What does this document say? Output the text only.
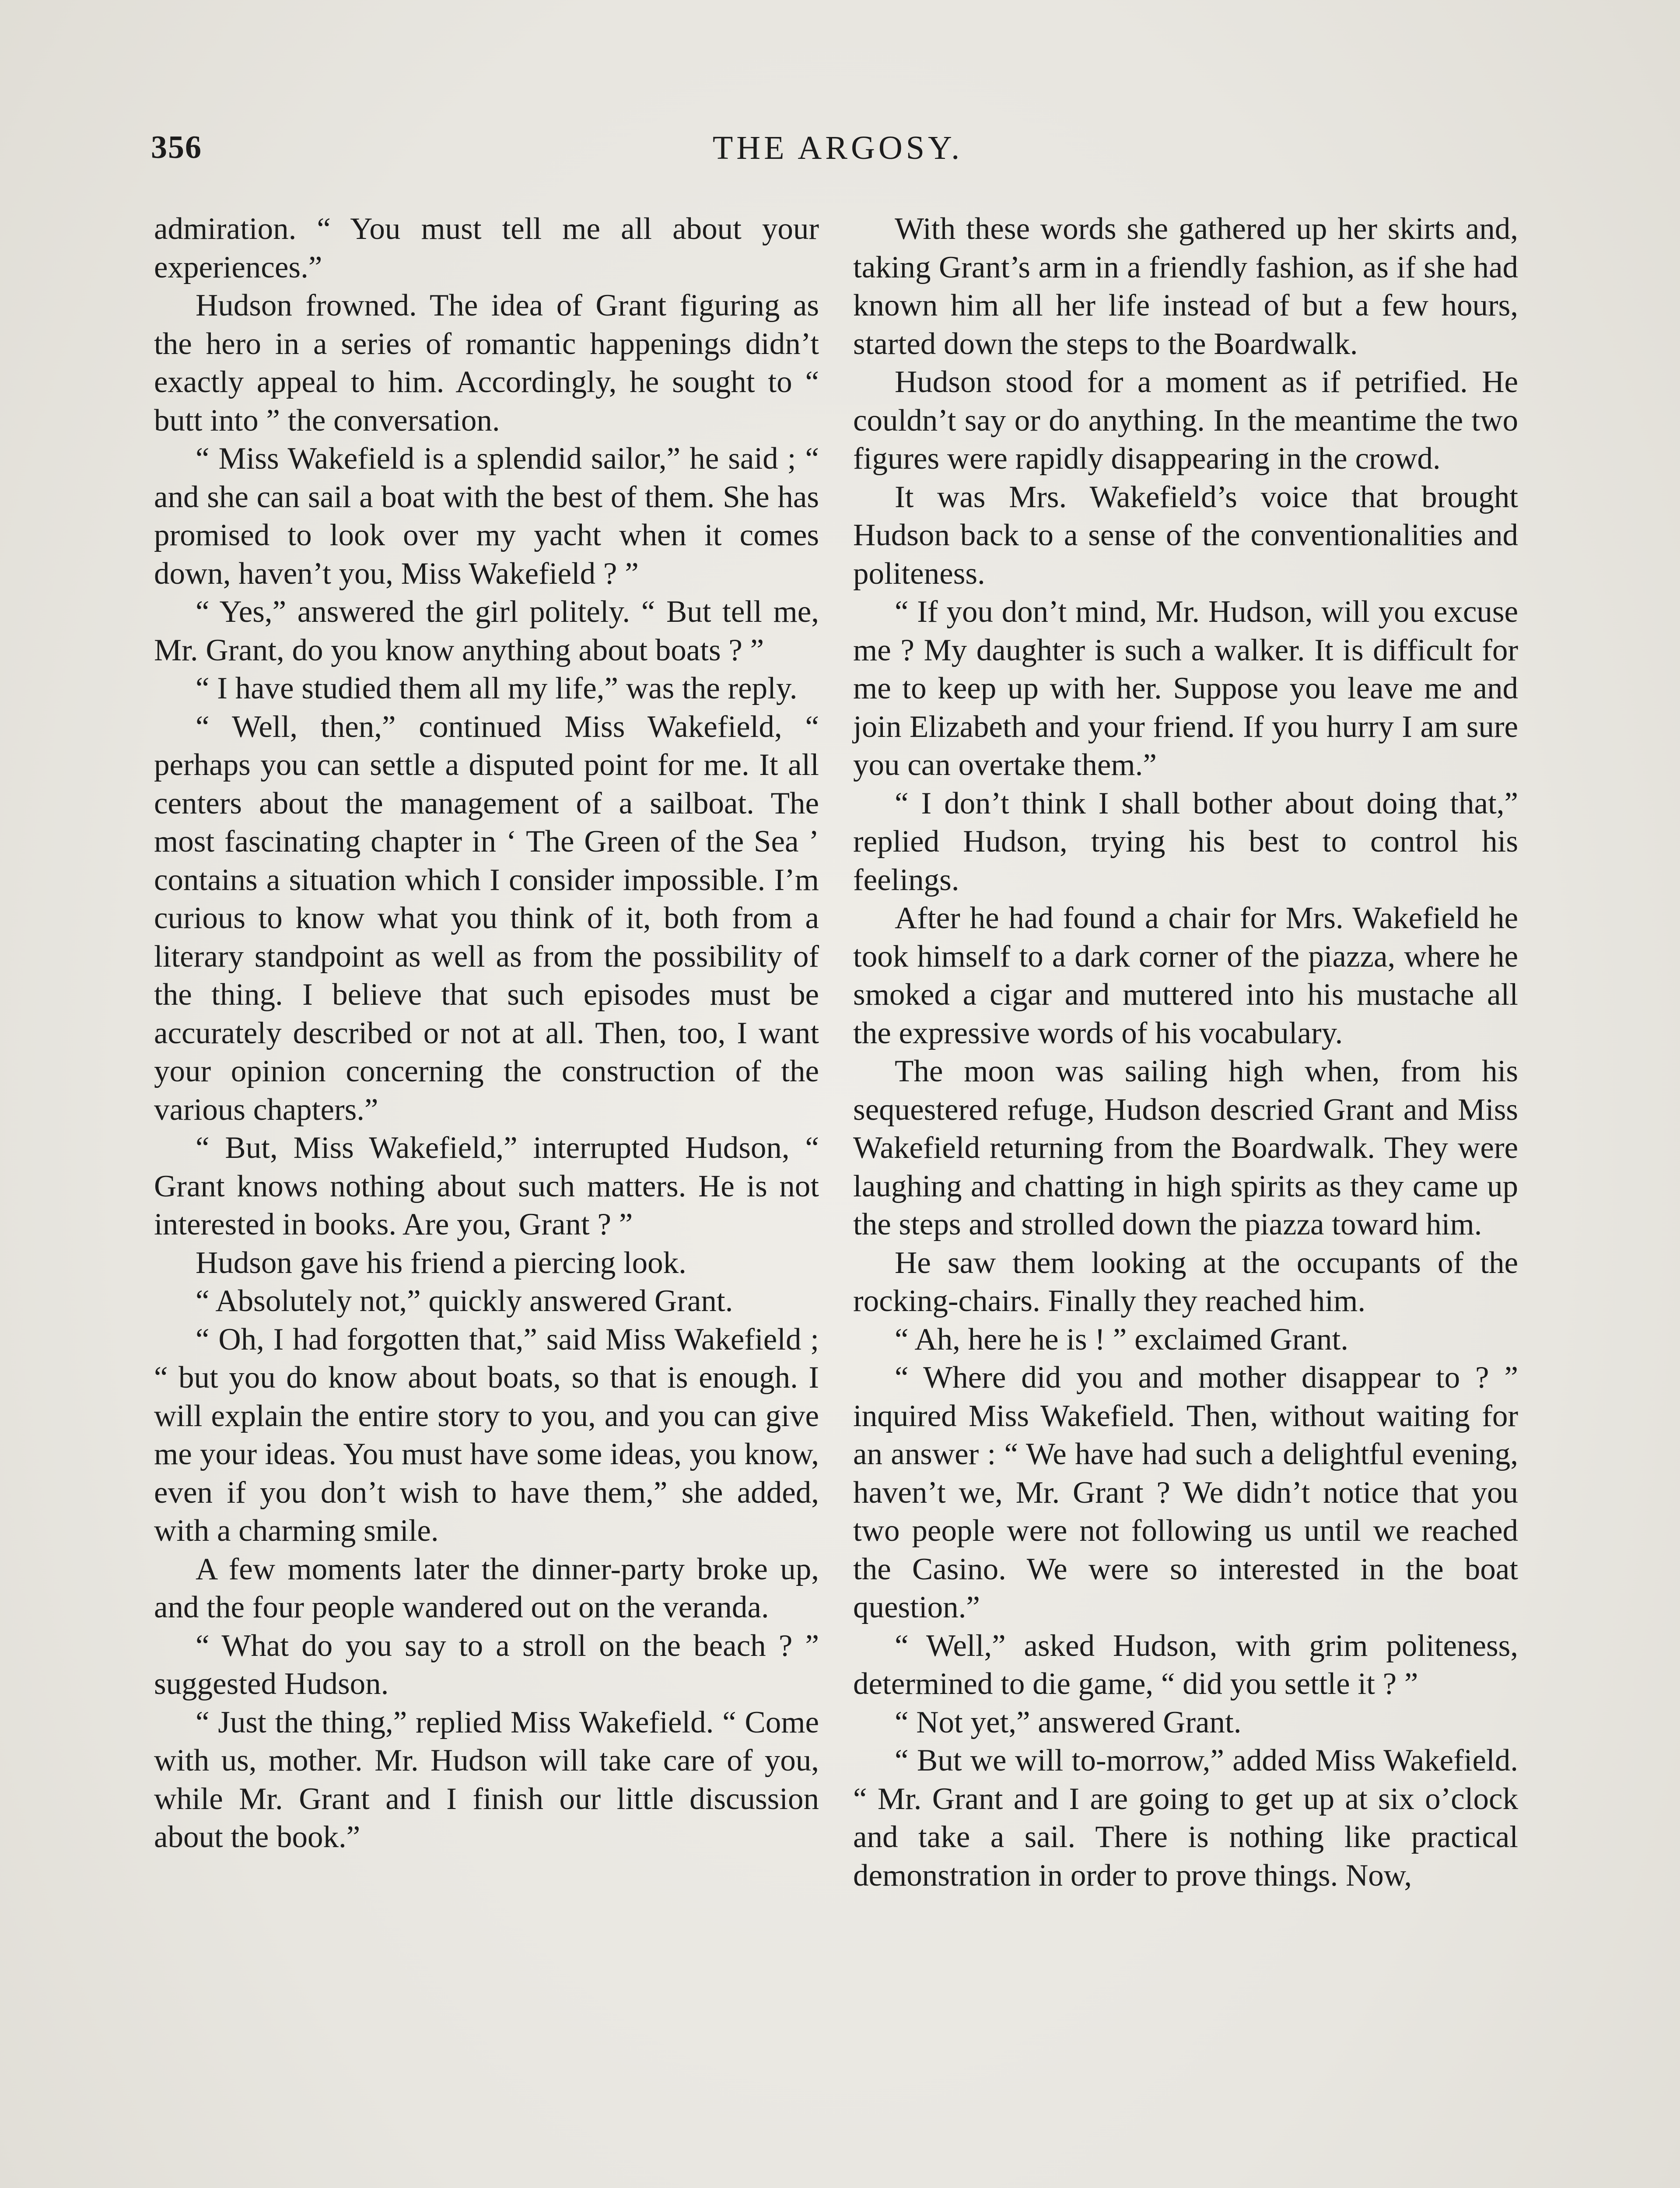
356	THE ARGOSY.

admiration. “ You must tell me all about your experiences.”

Hudson frowned. The idea of Grant figuring as the hero in a series of romantic happenings didn’t exactly appeal to him. Accordingly, he sought to “ butt into ” the conversation.

“ Miss Wakefield is a splendid sailor,” he said ; “ and she can sail a boat with the best of them. She has promised to look over my yacht when it comes down, haven’t you, Miss Wakefield ? ”

“ Yes,” answered the girl politely. “ But tell me, Mr. Grant, do you know anything about boats ? ”

“ I have studied them all my life,” was the reply.

“ Well, then,” continued Miss Wakefield, “ perhaps you can settle a disputed point for me. It all centers about the management of a sailboat. The most fascinating chapter in ‘ The Green of the Sea ’ contains a situation which I consider impossible. I’m curious to know what you think of it, both from a literary standpoint as well as from the possibility of the thing. I believe that such episodes must be accurately described or not at all. Then, too, I want your opinion concerning the construction of the various chapters.”

“ But, Miss Wakefield,” interrupted Hudson, “ Grant knows nothing about such matters. He is not interested in books. Are you, Grant ? ”

Hudson gave his friend a piercing look.

“ Absolutely not,” quickly answered Grant.

“ Oh, I had forgotten that,” said Miss Wakefield ; “ but you do know about boats, so that is enough. I will explain the entire story to you, and you can give me your ideas. You must have some ideas, you know, even if you don’t wish to have them,” she added, with a charming smile.

A few moments later the dinner-party broke up, and the four people wandered out on the veranda.

“ What do you say to a stroll on the beach ? ” suggested Hudson.

“ Just the thing,” replied Miss Wakefield. “ Come with us, mother. Mr. Hudson will take care of you, while Mr. Grant and I finish our little discussion about the book.”

With these words she gathered up her skirts and, taking Grant’s arm in a friendly fashion, as if she had known him all her life instead of but a few hours, started down the steps to the Boardwalk.

Hudson stood for a moment as if petrified. He couldn’t say or do anything. In the meantime the two figures were rapidly disappearing in the crowd.

It was Mrs. Wakefield’s voice that brought Hudson back to a sense of the conventionalities and politeness.

“ If you don’t mind, Mr. Hudson, will you excuse me ? My daughter is such a walker. It is difficult for me to keep up with her. Suppose you leave me and join Elizabeth and your friend. If you hurry I am sure you can overtake them.”

“ I don’t think I shall bother about doing that,” replied Hudson, trying his best to control his feelings.

After he had found a chair for Mrs. Wakefield he took himself to a dark corner of the piazza, where he smoked a cigar and muttered into his mustache all the expressive words of his vocabulary.

The moon was sailing high when, from his sequestered refuge, Hudson descried Grant and Miss Wakefield returning from the Boardwalk. They were laughing and chatting in high spirits as they came up the steps and strolled down the piazza toward him.

He saw them looking at the occupants of the rocking-chairs. Finally they reached him.

“ Ah, here he is ! ” exclaimed Grant.

“ Where did you and mother disappear to ? ” inquired Miss Wakefield. Then, without waiting for an answer : “ We have had such a delightful evening, haven’t we, Mr. Grant ? We didn’t notice that you two people were not following us until we reached the Casino. We were so interested in the boat question.”

“ Well,” asked Hudson, with grim politeness, determined to die game, “ did you settle it ? ”

“ Not yet,” answered Grant.

“ But we will to-morrow,” added Miss Wakefield. “ Mr. Grant and I are going to get up at six o’clock and take a sail. There is nothing like practical demonstration in order to prove things. Now,
